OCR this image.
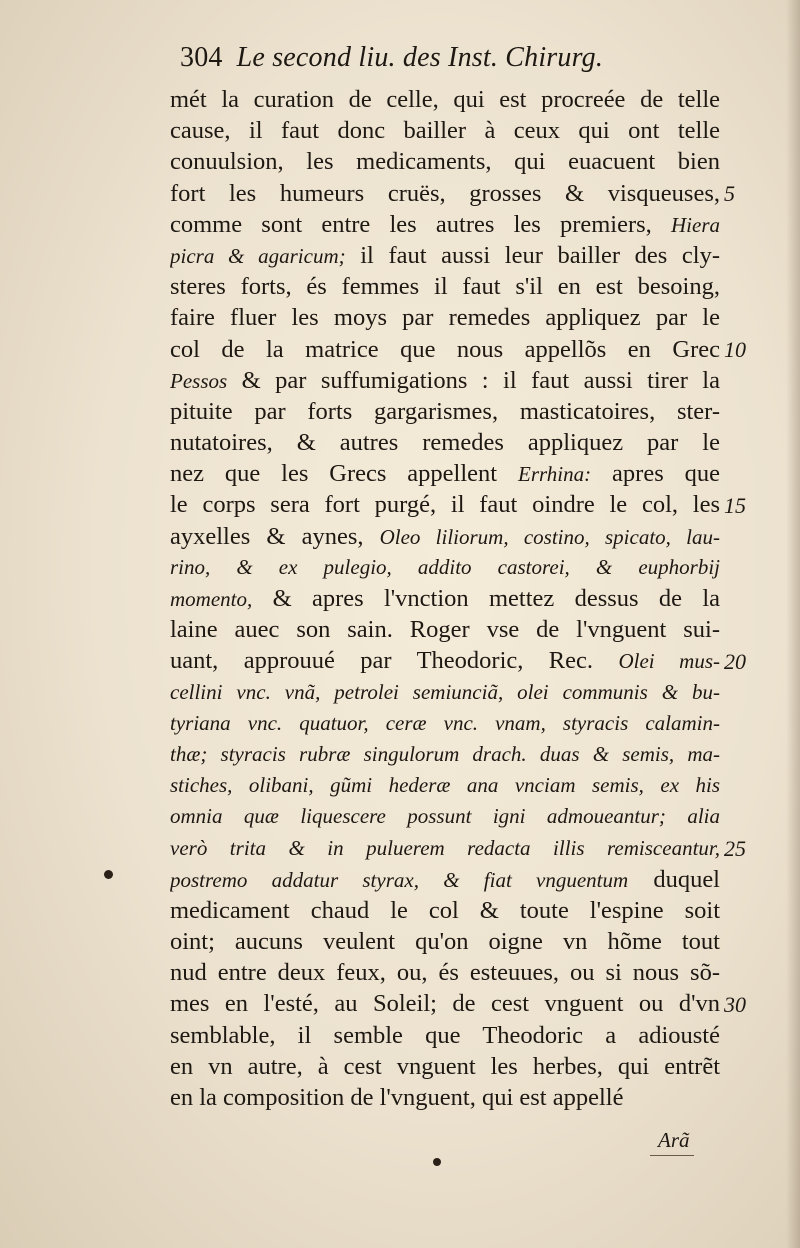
304 Le second liu. des Inst. Chirurg.
mét la curation de celle, qui est procreée de telle
cause, il faut donc bailler à ceux qui ont telle
conuulsion, les medicaments, qui euacuent bien
fort les humeurs cruës, grosses & visqueuses,
comme sont entre les autres les premiers, Hiera
picra & agaricum; il faut aussi leur bailler des cly-
steres forts, és femmes il faut s'il en est besoing,
faire fluer les moys par remedes appliquez par le
col de la matrice que nous appellõs en Grec
Pessos & par suffumigations : il faut aussi tirer la
pituite par forts gargarismes, masticatoires, ster-
nutatoires, & autres remedes appliquez par le
nez que les Grecs appellent Errhina: apres que
le corps sera fort purgé, il faut oindre le col, les
ayxelles & aynes, Oleo liliorum, costino, spicato, lau-
rino, & ex pulegio, addito castorei, & euphorbij
momento, & apres l'vnction mettez dessus de la
laine auec son sain. Roger vse de l'vnguent sui-
uant, approuué par Theodoric, Rec. Olei mus-
cellini vnc. vnã, petrolei semiunciã, olei communis & bu-
tyriana vnc. quatuor, ceræ vnc. vnam, styracis calamin-
thæ; styracis rubræ singulorum drach. duas & semis, ma-
stiches, olibani, gũmi hederæ ana vnciam semis, ex his
omnia quæ liquescere possunt igni admoueantur; alia
verò trita & in puluerem redacta illis remisceantur,
postremo addatur styrax, & fiat vnguentum duquel
medicament chaud le col & toute l'espine soit
oint; aucuns veulent qu'on oigne vn hõme tout
nud entre deux feux, ou, és esteuues, ou si nous sõ-
mes en l'esté, au Soleil; de cest vnguent ou d'vn
semblable, il semble que Theodoric a adiousté
en vn autre, à cest vnguent les herbes, qui entrẽt
en la composition de l'vnguent, qui est appellé
5
10
15
20
25
30
Arã
